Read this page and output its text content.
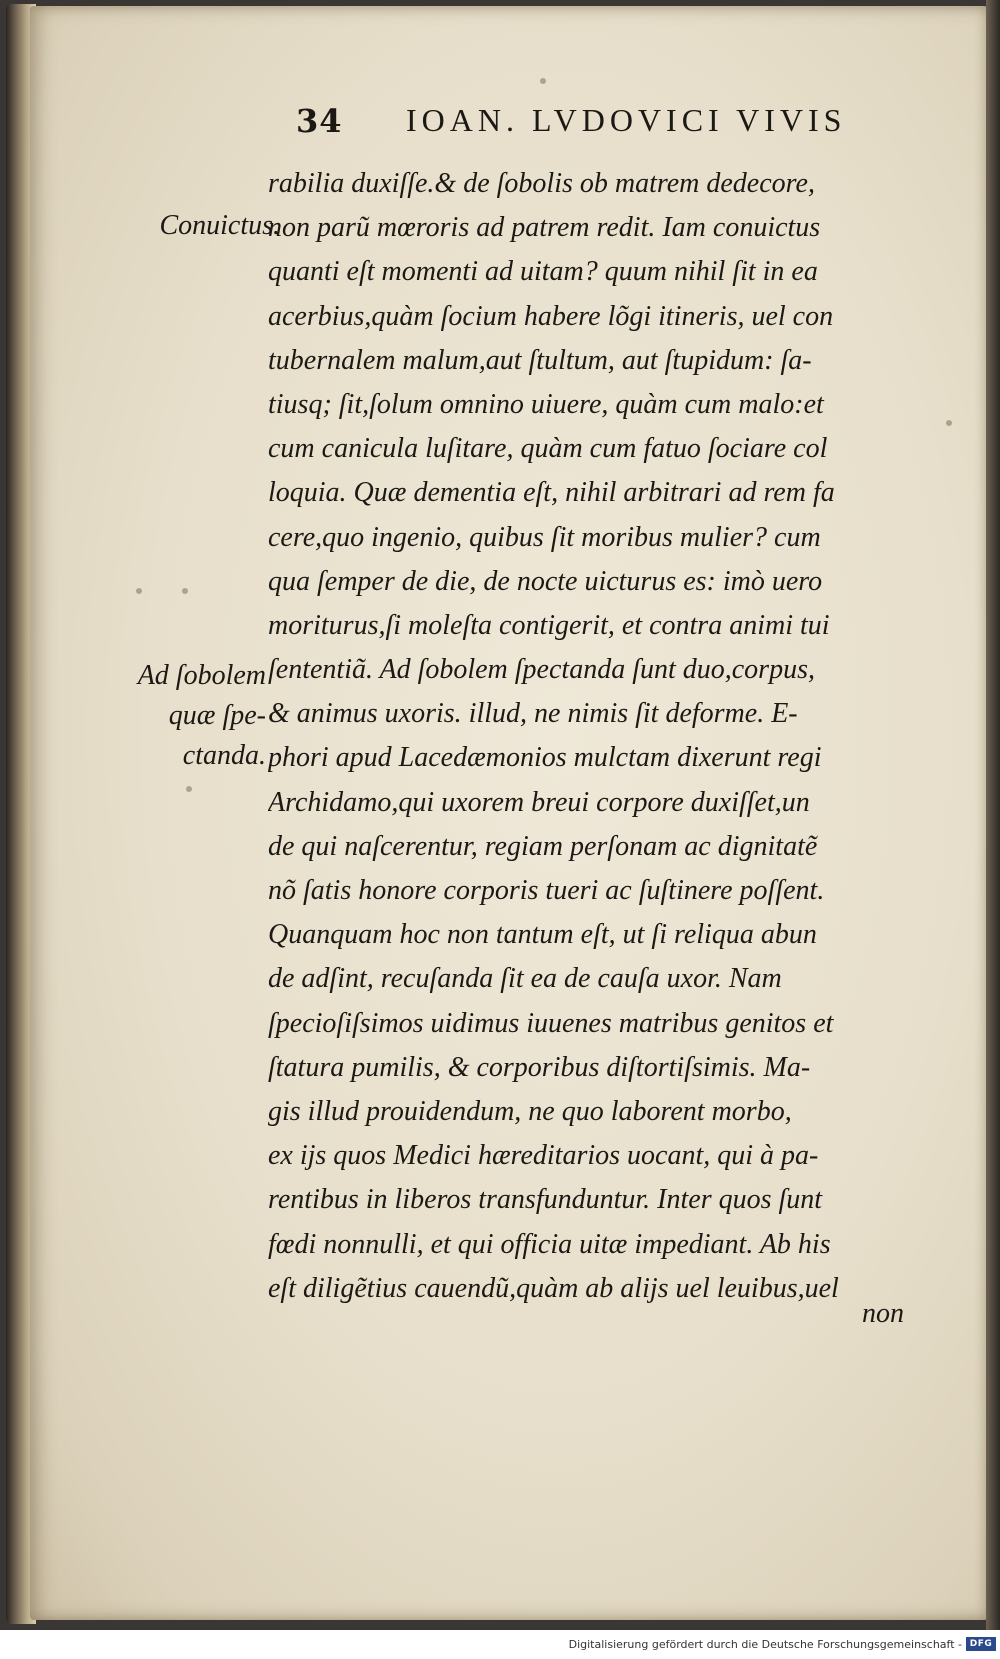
34 IOAN. LVDOVICI VIVIS
Conuictus.
Ad ſobolem
quæ ſpe-
ctanda.
rabilia duxiſſe.& de ſobolis ob matrem dedecore,
non parũ mœroris ad patrem redit. Iam conuictus
quanti eſt momenti ad uitam? quum nihil ſit in ea
acerbius,quàm ſocium habere lõgi itineris, uel con
tubernalem malum,aut ſtultum, aut ſtupidum: ſa-
tiusq; ſit,ſolum omnino uiuere, quàm cum malo:et
cum canicula luſitare, quàm cum fatuo ſociare col
loquia. Quæ dementia eſt, nihil arbitrari ad rem fa
cere,quo ingenio, quibus ſit moribus mulier? cum
qua ſemper de die, de nocte uicturus es: imò uero
moriturus,ſi moleſta contigerit, et contra animi tui
ſententiã. Ad ſobolem ſpectanda ſunt duo,corpus,
& animus uxoris. illud, ne nimis ſit deforme. E-
phori apud Lacedæmonios mulctam dixerunt regi
Archidamo,qui uxorem breui corpore duxiſſet,un
de qui naſcerentur, regiam perſonam ac dignitatẽ
nõ ſatis honore corporis tueri ac ſuſtinere poſſent.
Quanquam hoc non tantum eſt, ut ſi reliqua abun
de adſint, recuſanda ſit ea de cauſa uxor. Nam
ſpecioſiſsimos uidimus iuuenes matribus genitos et
ſtatura pumilis, & corporibus diſtortiſsimis. Ma-
gis illud prouidendum, ne quo laborent morbo,
ex ijs quos Medici hæreditarios uocant, qui à pa-
rentibus in liberos transfunduntur. Inter quos ſunt
fœdi nonnulli, et qui officia uitæ impediant. Ab his
eſt diligẽtius cauendũ,quàm ab alijs uel leuibus,uel
non
Digitalisierung gefördert durch die Deutsche Forschungsgemeinschaft - DFG
